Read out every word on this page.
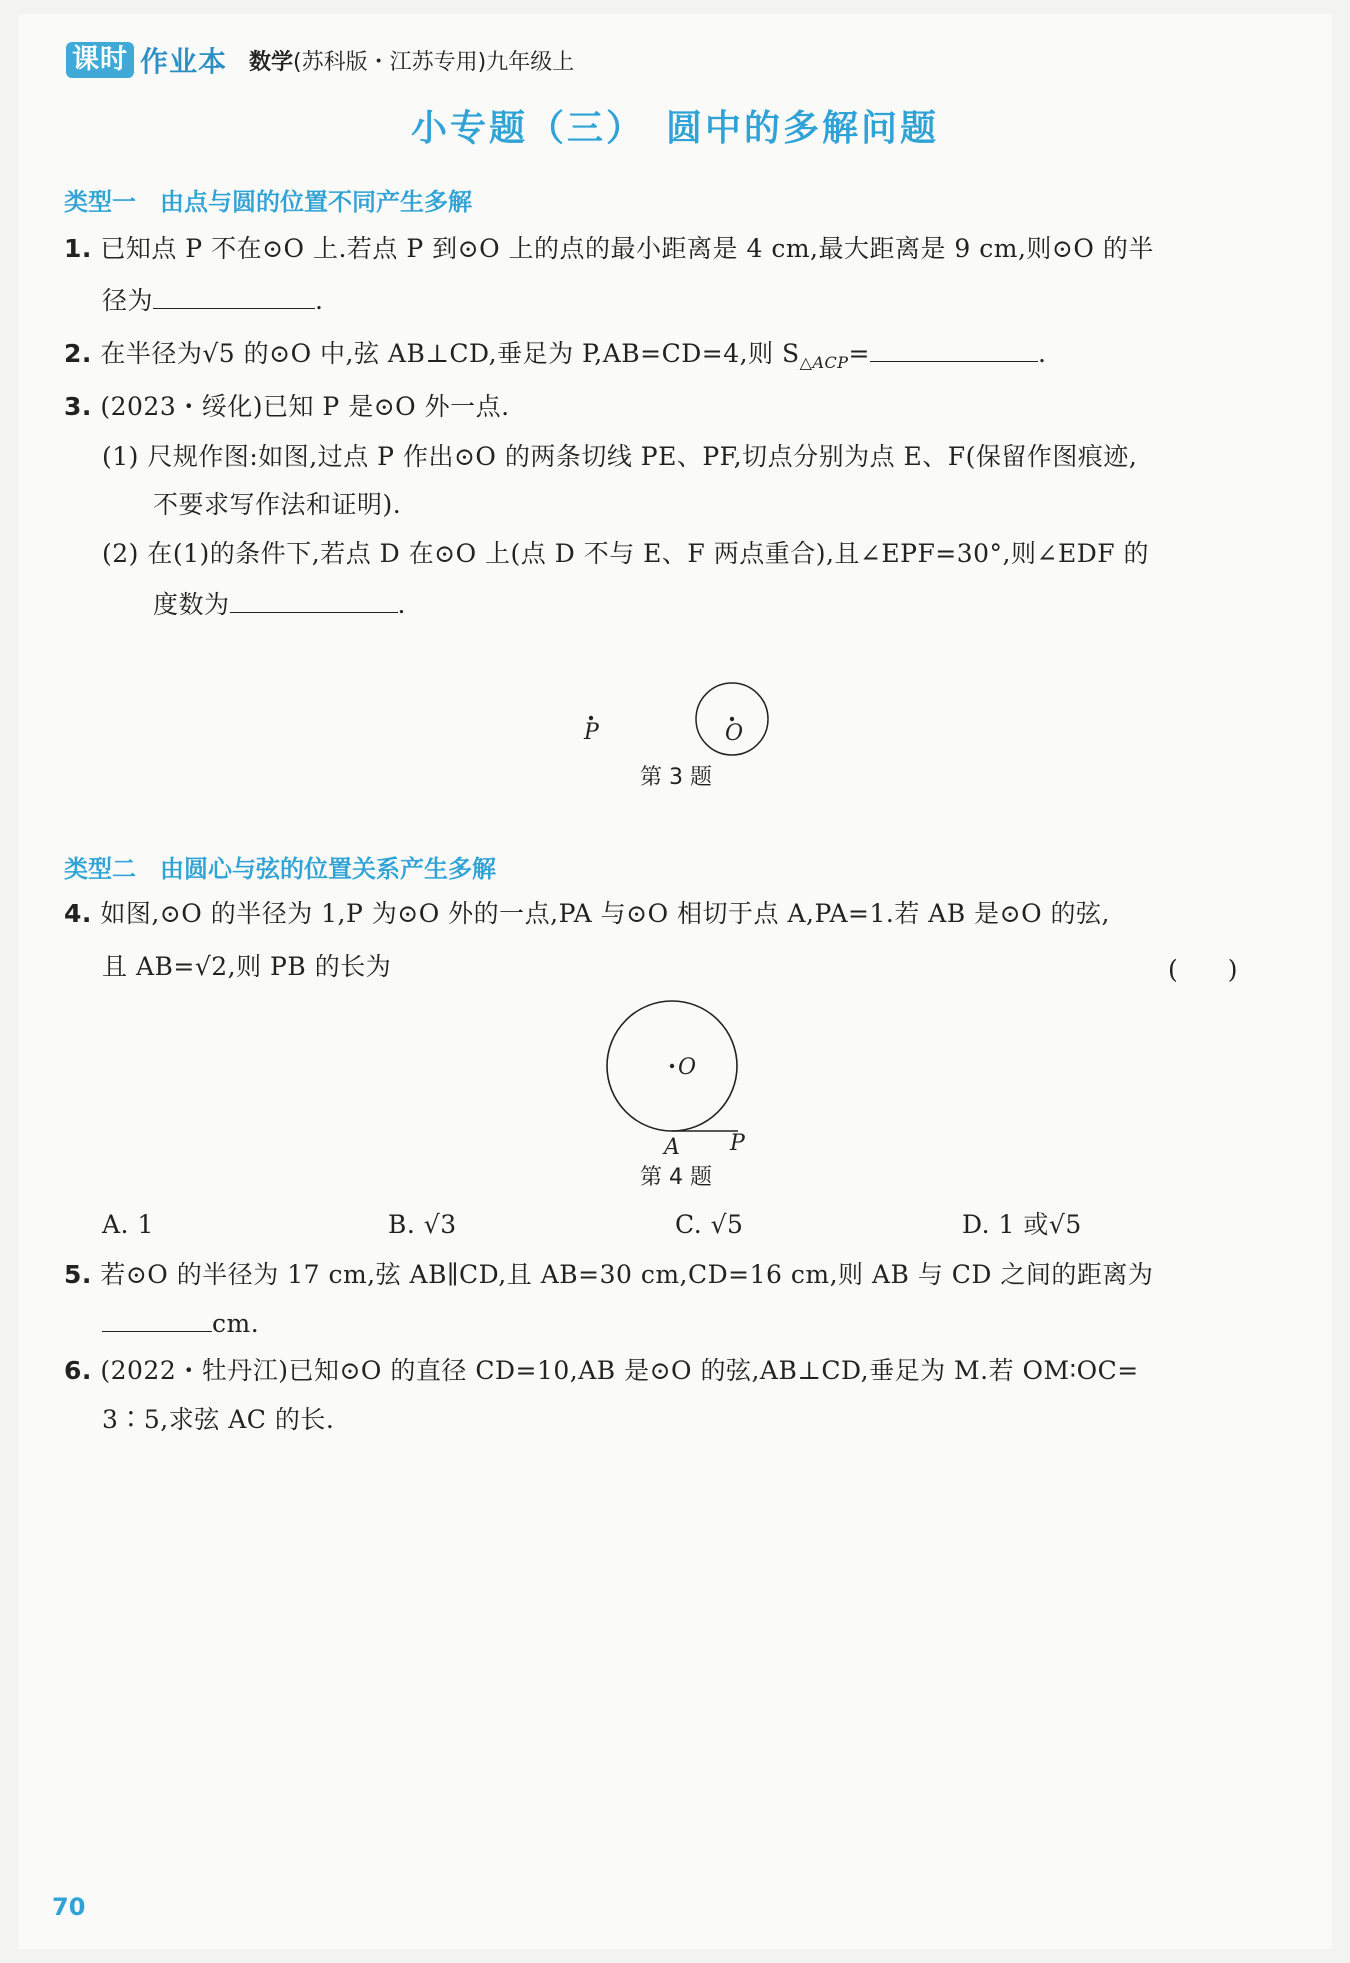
课时 作业本 数学(苏科版・江苏专用)九年级上
小专题（三）　圆中的多解问题
类型一 由点与圆的位置不同产生多解
1. 已知点 P 不在⊙O 上.若点 P 到⊙O 上的点的最小距离是 4 cm,最大距离是 9 cm,则⊙O 的半
径为	.
2. 在半径为√5 的⊙O 中,弦 AB⊥CD,垂足为 P,AB=CD=4,则 $S_{\triangle ACP}=$	.
3. (2023・绥化)已知 P 是⊙O 外一点.
(1) 尺规作图:如图,过点 P 作出⊙O 的两条切线 PE、PF,切点分别为点 E、F(保留作图痕迹,
不要求写作法和证明).
(2) 在(1)的条件下,若点 D 在⊙O 上(点 D 不与 E、F 两点重合),且∠EPF=30°,则∠EDF 的
度数为	.
P	O
第 3 题
类型二 由圆心与弦的位置关系产生多解
4. 如图,⊙O 的半径为 1,P 为⊙O 外的一点,PA 与⊙O 相切于点 A,PA=1.若 AB 是⊙O 的弦,
且 AB=√2,则 PB 的长为	(　　)
O
A P
第 4 题
A. 1	B. √3	C. √5	D. 1 或√5
5. 若⊙O 的半径为 17 cm,弦 AB∥CD,且 AB=30 cm,CD=16 cm,则 AB 与 CD 之间的距离为
cm.
6. (2022・牡丹江)已知⊙O 的直径 CD=10,AB 是⊙O 的弦,AB⊥CD,垂足为 M.若 OM∶OC=
3∶5,求弦 AC 的长.
70
